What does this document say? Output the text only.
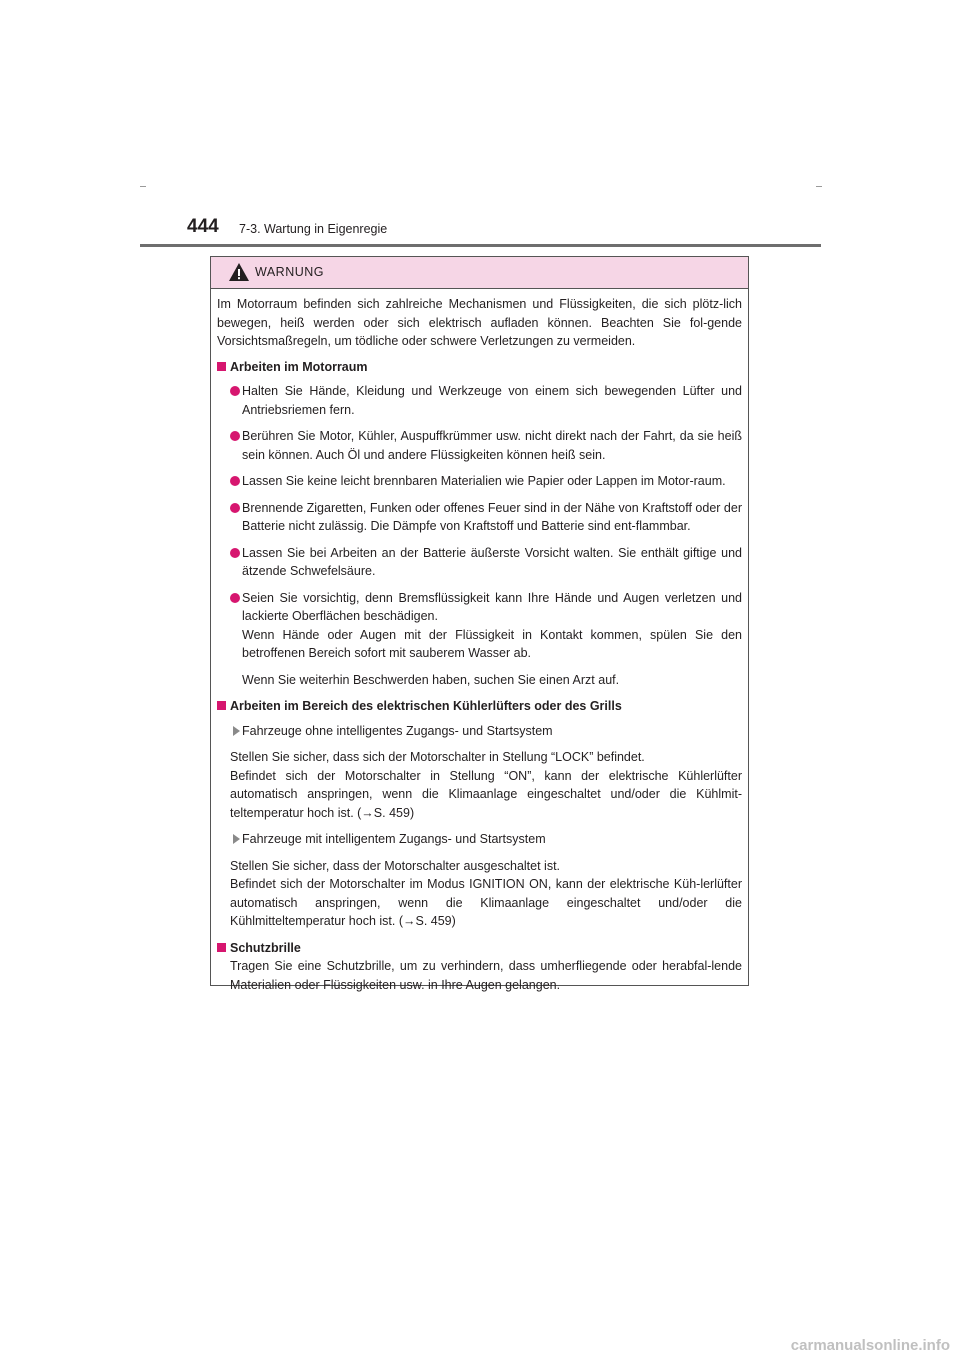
444 7-3. Wartung in Eigenregie
WARNUNG

Im Motorraum befinden sich zahlreiche Mechanismen und Flüssigkeiten, die sich plötz-lich bewegen, heiß werden oder sich elektrisch aufladen können. Beachten Sie fol-gende Vorsichtsmaßregeln, um tödliche oder schwere Verletzungen zu vermeiden.

Arbeiten im Motorraum

Halten Sie Hände, Kleidung und Werkzeuge von einem sich bewegenden Lüfter und Antriebsriemen fern.

Berühren Sie Motor, Kühler, Auspuffkrümmer usw. nicht direkt nach der Fahrt, da sie heiß sein können. Auch Öl und andere Flüssigkeiten können heiß sein.

Lassen Sie keine leicht brennbaren Materialien wie Papier oder Lappen im Motor-raum.

Brennende Zigaretten, Funken oder offenes Feuer sind in der Nähe von Kraftstoff oder der Batterie nicht zulässig. Die Dämpfe von Kraftstoff und Batterie sind ent-flammbar.

Lassen Sie bei Arbeiten an der Batterie äußerste Vorsicht walten. Sie enthält giftige und ätzende Schwefelsäure.

Seien Sie vorsichtig, denn Bremsflüssigkeit kann Ihre Hände und Augen verletzen und lackierte Oberflächen beschädigen.

Wenn Hände oder Augen mit der Flüssigkeit in Kontakt kommen, spülen Sie den betroffenen Bereich sofort mit sauberem Wasser ab.

Wenn Sie weiterhin Beschwerden haben, suchen Sie einen Arzt auf.

Arbeiten im Bereich des elektrischen Kühlerlüfters oder des Grills

Fahrzeuge ohne intelligentes Zugangs- und Startsystem

Stellen Sie sicher, dass sich der Motorschalter in Stellung “LOCK” befindet.

Befindet sich der Motorschalter in Stellung “ON”, kann der elektrische Kühlerlüfter automatisch anspringen, wenn die Klimaanlage eingeschaltet und/oder die Kühlmit-teltemperatur hoch ist. (→S. 459)

Fahrzeuge mit intelligentem Zugangs- und Startsystem

Stellen Sie sicher, dass der Motorschalter ausgeschaltet ist.

Befindet sich der Motorschalter im Modus IGNITION ON, kann der elektrische Küh-lerlüfter automatisch anspringen, wenn die Klimaanlage eingeschaltet und/oder die Kühlmitteltemperatur hoch ist. (→S. 459)

Schutzbrille

Tragen Sie eine Schutzbrille, um zu verhindern, dass umherfliegende oder herabfal-lende Materialien oder Flüssigkeiten usw. in Ihre Augen gelangen.

carmanualsonline.info
